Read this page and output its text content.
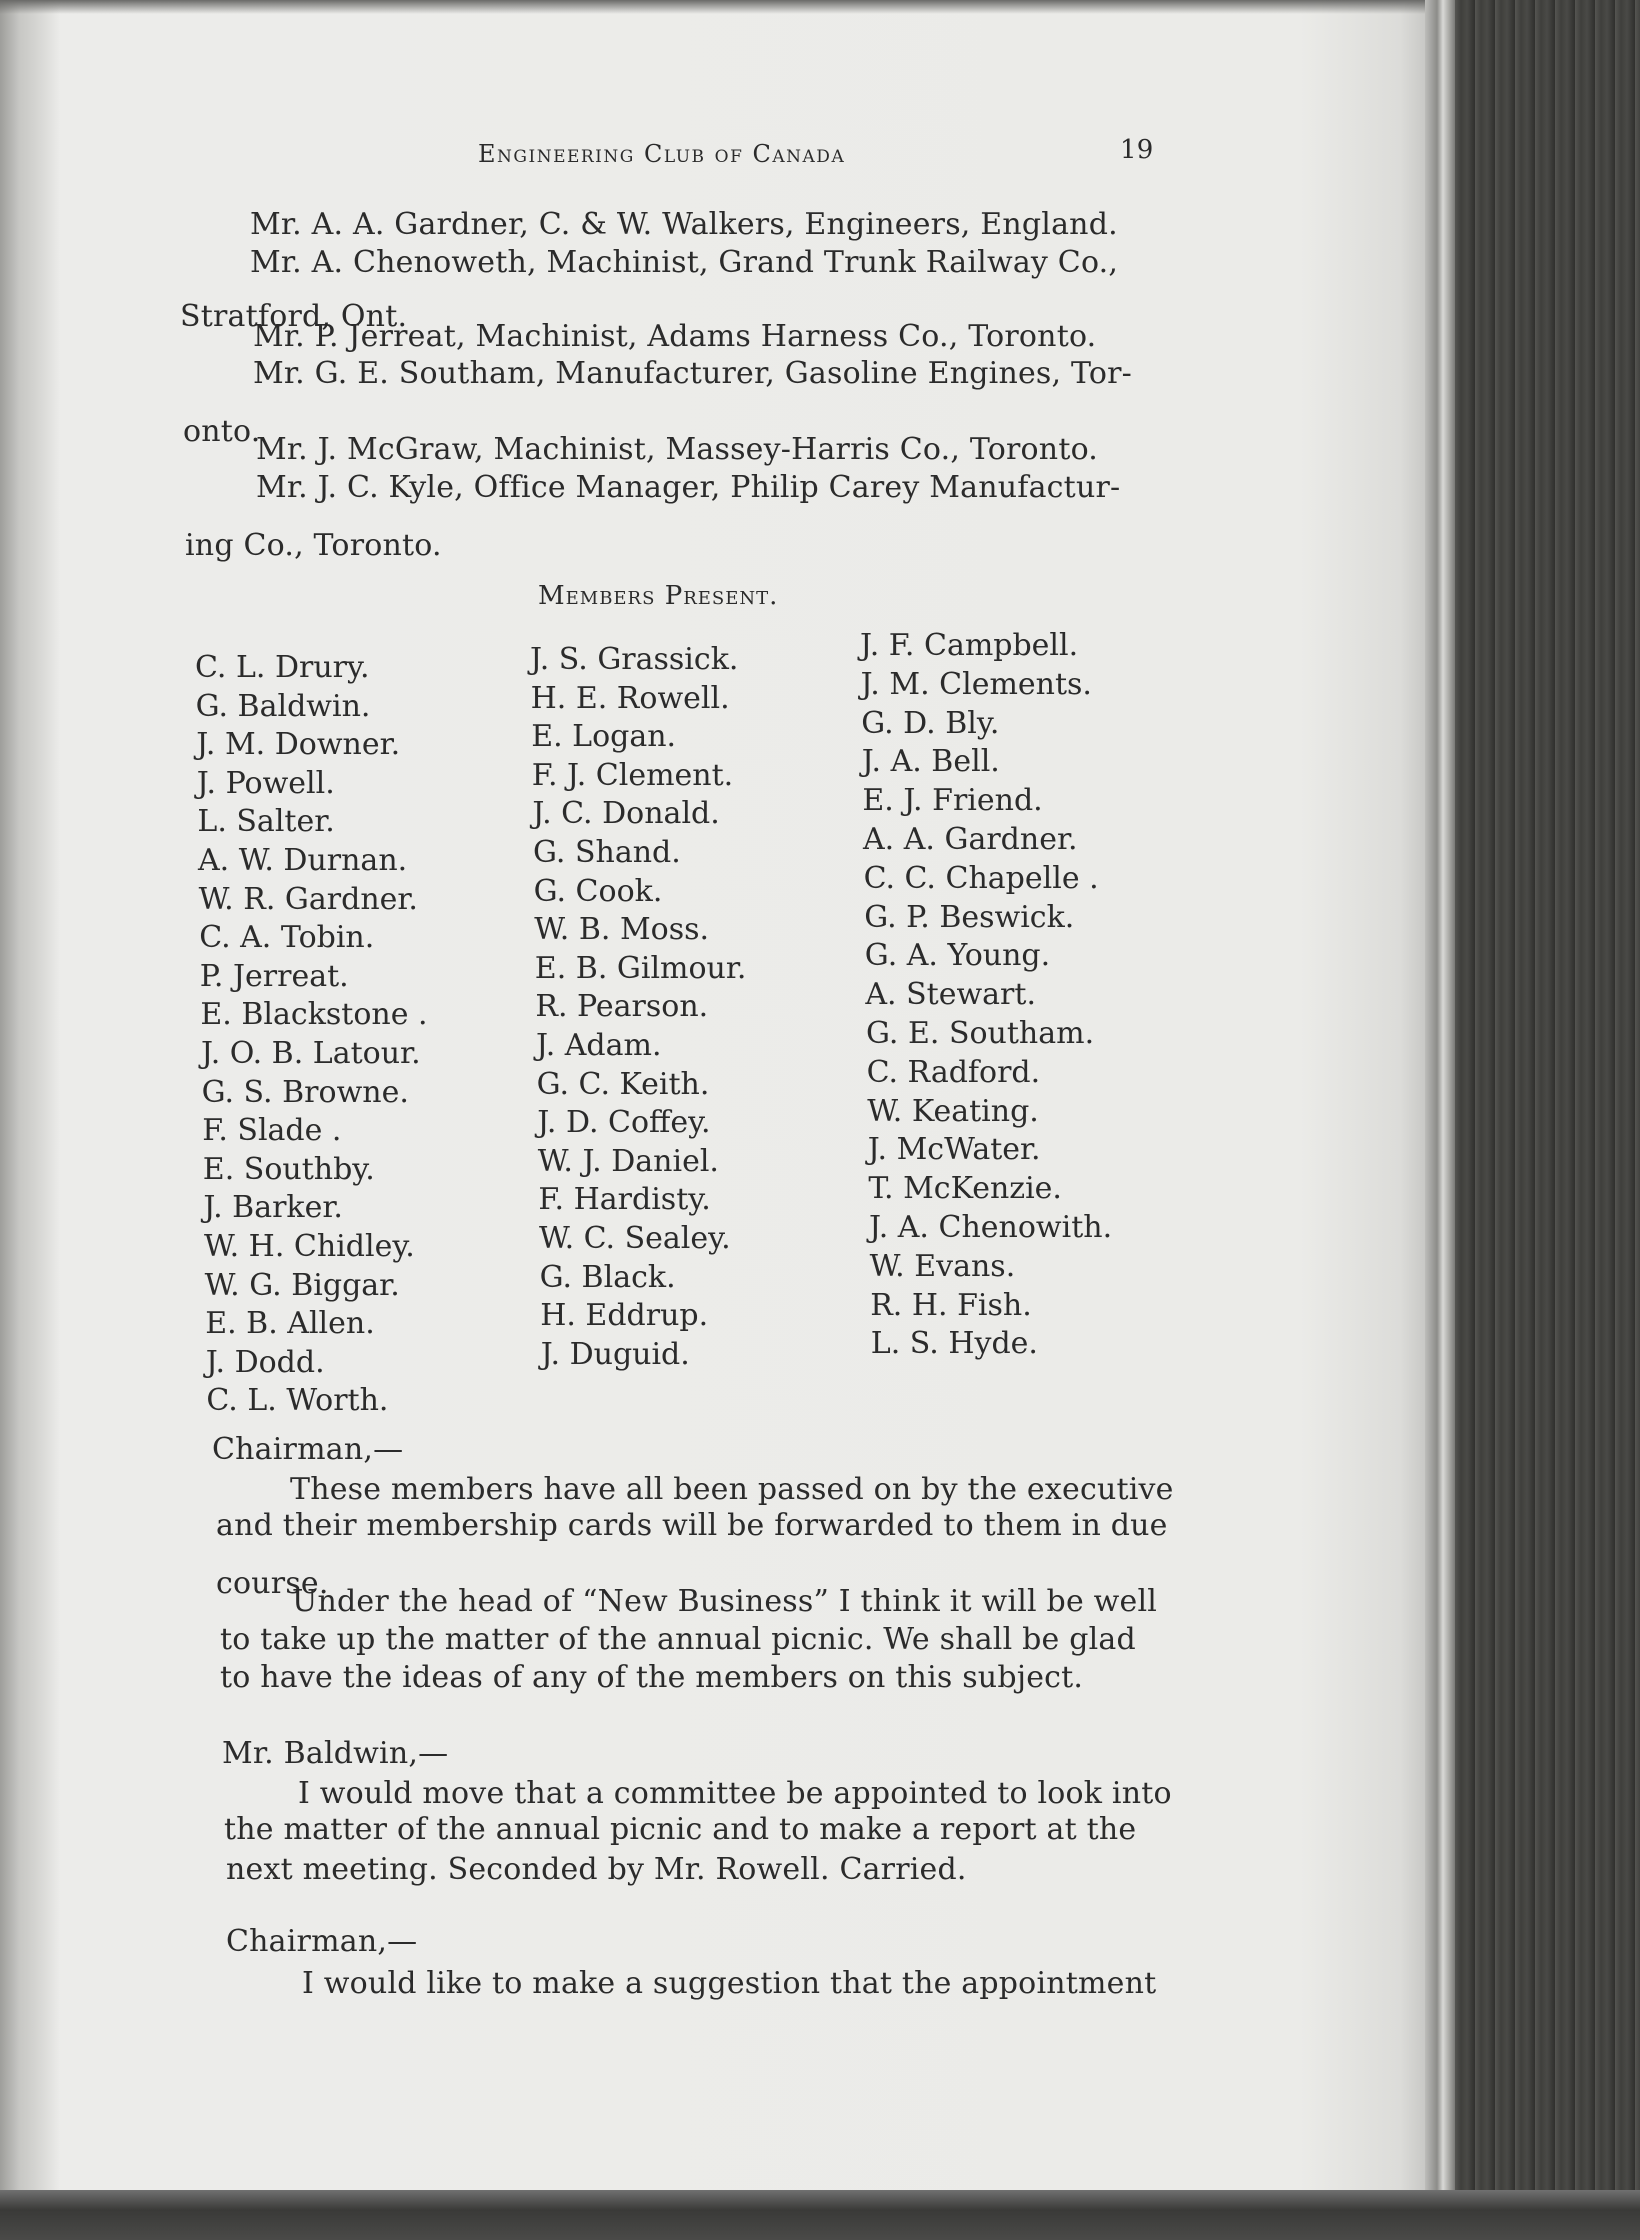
Engineering Club of Canada	19
Mr. A. A. Gardner, C. & W. Walkers, Engineers, England.
Mr. A. Chenoweth, Machinist, Grand Trunk Railway Co.,
Stratford, Ont.
Mr. P. Jerreat, Machinist, Adams Harness Co., Toronto.
Mr. G. E. Southam, Manufacturer, Gasoline Engines, Tor-
onto.
Mr. J. McGraw, Machinist, Massey-Harris Co., Toronto.
Mr. J. C. Kyle, Office Manager, Philip Carey Manufactur-
ing Co., Toronto.
Members Present.
C. L. Drury.
G. Baldwin.
J. M. Downer.
J. Powell.
L. Salter.
A. W. Durnan.
W. R. Gardner.
C. A. Tobin.
P. Jerreat.
E. Blackstone .
J. O. B. Latour.
G. S. Browne.
F. Slade .
E. Southby.
J. Barker.
W. H. Chidley.
W. G. Biggar.
E. B. Allen.
J. Dodd.
C. L. Worth.
J. S. Grassick.
H. E. Rowell.
E. Logan.
F. J. Clement.
J. C. Donald.
G. Shand.
G. Cook.
W. B. Moss.
E. B. Gilmour.
R. Pearson.
J. Adam.
G. C. Keith.
J. D. Coffey.
W. J. Daniel.
F. Hardisty.
W. C. Sealey.
G. Black.
H. Eddrup.
J. Duguid.
J. F. Campbell.
J. M. Clements.
G. D. Bly.
J. A. Bell.
E. J. Friend.
A. A. Gardner.
C. C. Chapelle .
G. P. Beswick.
G. A. Young.
A. Stewart.
G. E. Southam.
C. Radford.
W. Keating.
J. McWater.
T. McKenzie.
J. A. Chenowith.
W. Evans.
R. H. Fish.
L. S. Hyde.
Chairman,—
These members have all been passed on by the executive
and their membership cards will be forwarded to them in due
course.
Under the head of “New Business” I think it will be well
to take up the matter of the annual picnic. We shall be glad
to have the ideas of any of the members on this subject.
Mr. Baldwin,—
I would move that a committee be appointed to look into
the matter of the annual picnic and to make a report at the
next meeting. Seconded by Mr. Rowell. Carried.
Chairman,—
I would like to make a suggestion that the appointment
